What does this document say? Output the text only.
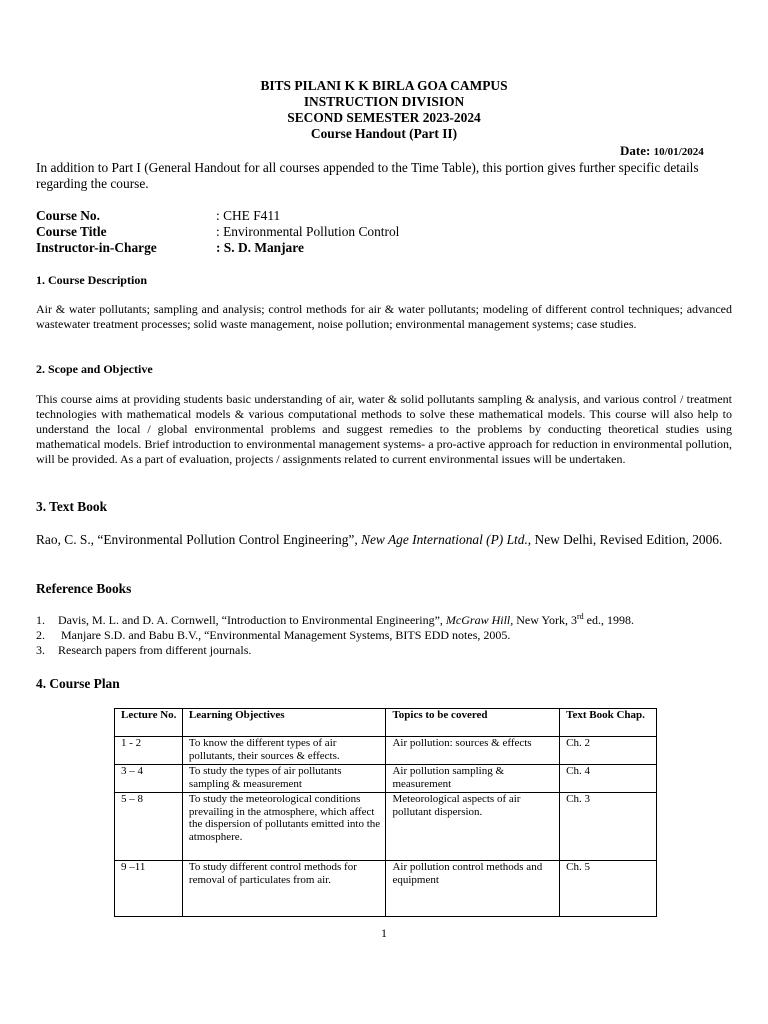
BITS PILANI K K BIRLA GOA CAMPUS
INSTRUCTION DIVISION
SECOND SEMESTER 2023-2024
Course Handout (Part II)
Date: 10/01/2024
In addition to Part I (General Handout for all courses appended to the Time Table), this portion gives further specific details regarding the course.
Course No.	: CHE F411
Course Title	: Environmental Pollution Control
Instructor-in-Charge	: S. D. Manjare
1. Course Description
Air & water pollutants; sampling and analysis; control methods for air & water pollutants; modeling of different control techniques; advanced wastewater treatment processes; solid waste management, noise pollution; environmental management systems; case studies.
2. Scope and Objective
This course aims at providing students basic understanding of air, water & solid pollutants sampling & analysis, and various control / treatment technologies with mathematical models & various computational methods to solve these mathematical models. This course will also help to understand the local / global environmental problems and suggest remedies to the problems by conducting theoretical studies using mathematical models. Brief introduction to environmental management systems- a pro-active approach for reduction in environmental pollution, will be provided. As a part of evaluation, projects / assignments related to current environmental issues will be undertaken.
3. Text Book
Rao, C. S., “Environmental Pollution Control Engineering”, New Age International (P) Ltd., New Delhi, Revised Edition, 2006.
Reference Books
1. Davis, M. L. and D. A. Cornwell, “Introduction to Environmental Engineering”, McGraw Hill, New York, 3rd ed., 1998.
2. Manjare S.D. and Babu B.V., “Environmental Management Systems, BITS EDD notes, 2005.
3. Research papers from different journals.
4. Course Plan
Lecture No.	Learning Objectives	Topics to be covered	Text Book Chap.
1 - 2	To know the different types of air pollutants, their sources & effects.	Air pollution: sources & effects	Ch. 2
3 – 4	To study the types of air pollutants sampling & measurement	Air pollution sampling & measurement	Ch. 4
5 – 8	To study the meteorological conditions prevailing in the atmosphere, which affect the dispersion of pollutants emitted into the atmosphere.	Meteorological aspects of air pollutant dispersion.	Ch. 3
9 –11	To study different control methods for removal of particulates from air.	Air pollution control methods and equipment	Ch. 5
1
